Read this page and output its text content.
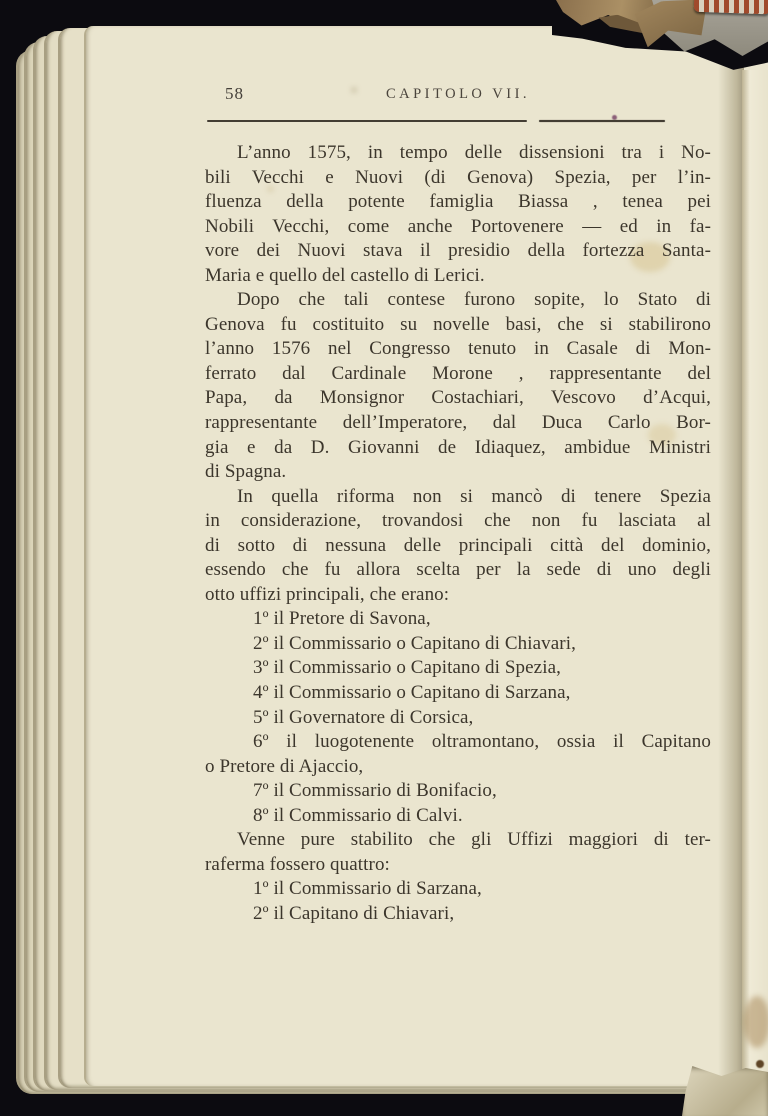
58	CAPITOLO VII.
L’anno 1575, in tempo delle dissensioni tra i No-
bili Vecchi e Nuovi (di Genova) Spezia, per l’in-
fluenza della potente famiglia Biassa , tenea pei
Nobili Vecchi, come anche Portovenere — ed in fa-
vore dei Nuovi stava il presidio della fortezza Santa-
Maria e quello del castello di Lerici.
Dopo che tali contese furono sopite, lo Stato di
Genova fu costituito su novelle basi, che si stabilirono
l’anno 1576 nel Congresso tenuto in Casale di Mon-
ferrato dal Cardinale Morone , rappresentante del
Papa, da Monsignor Costachiari, Vescovo d’Acqui,
rappresentante dell’Imperatore, dal Duca Carlo Bor-
gia e da D. Giovanni de Idiaquez, ambidue Ministri
di Spagna.
In quella riforma non si mancò di tenere Spezia
in considerazione, trovandosi che non fu lasciata al
di sotto di nessuna delle principali città del dominio,
essendo che fu allora scelta per la sede di uno degli
otto uffizi principali, che erano:
1º il Pretore di Savona,
2º il Commissario o Capitano di Chiavari,
3º il Commissario o Capitano di Spezia,
4º il Commissario o Capitano di Sarzana,
5º il Governatore di Corsica,
6º il luogotenente oltramontano, ossia il Capitano
o Pretore di Ajaccio,
7º il Commissario di Bonifacio,
8º il Commissario di Calvi.
Venne pure stabilito che gli Uffizi maggiori di ter-
raferma fossero quattro:
1º il Commissario di Sarzana,
2º il Capitano di Chiavari,
